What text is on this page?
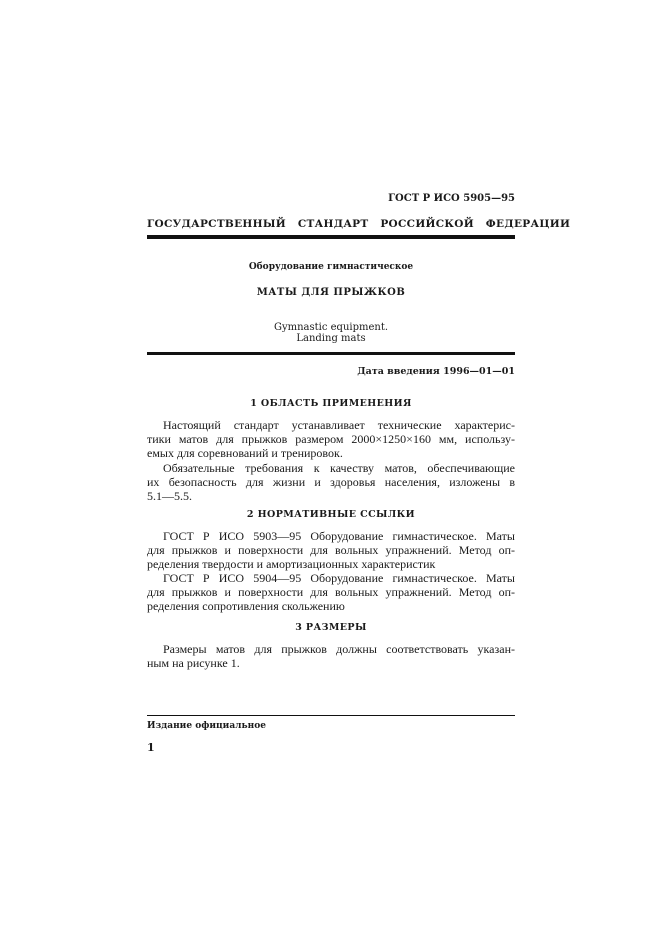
ГОСТ Р ИСО 5905—95
ГОСУДАРСТВЕННЫЙ   СТАНДАРТ   РОССИЙСКОЙ   ФЕДЕРАЦИИ
Оборудование гимнастическое
МАТЫ ДЛЯ ПРЫЖКОВ
Gymnastic equipment.
Landing mats
Дата введения 1996—01—01
1 ОБЛАСТЬ ПРИМЕНЕНИЯ
Настоящий стандарт устанавливает технические характерис-
тики матов для прыжков размером 2000×1250×160 мм, использу-
емых для соревнований и тренировок.
Обязательные требования к качеству матов, обеспечивающие
их безопасность для жизни и здоровья населения, изложены в
5.1—5.5.
2 НОРМАТИВНЫЕ ССЫЛКИ
ГОСТ Р ИСО 5903—95 Оборудование гимнастическое. Маты
для прыжков и поверхности для вольных упражнений. Метод оп-
ределения твердости и амортизационных характеристик
ГОСТ Р ИСО 5904—95 Оборудование гимнастическое. Маты
для прыжков и поверхности для вольных упражнений. Метод оп-
ределения сопротивления скольжению
3 РАЗМЕРЫ
Размеры матов для прыжков должны соответствовать указан-
ным на рисунке 1.
Издание официальное
1
